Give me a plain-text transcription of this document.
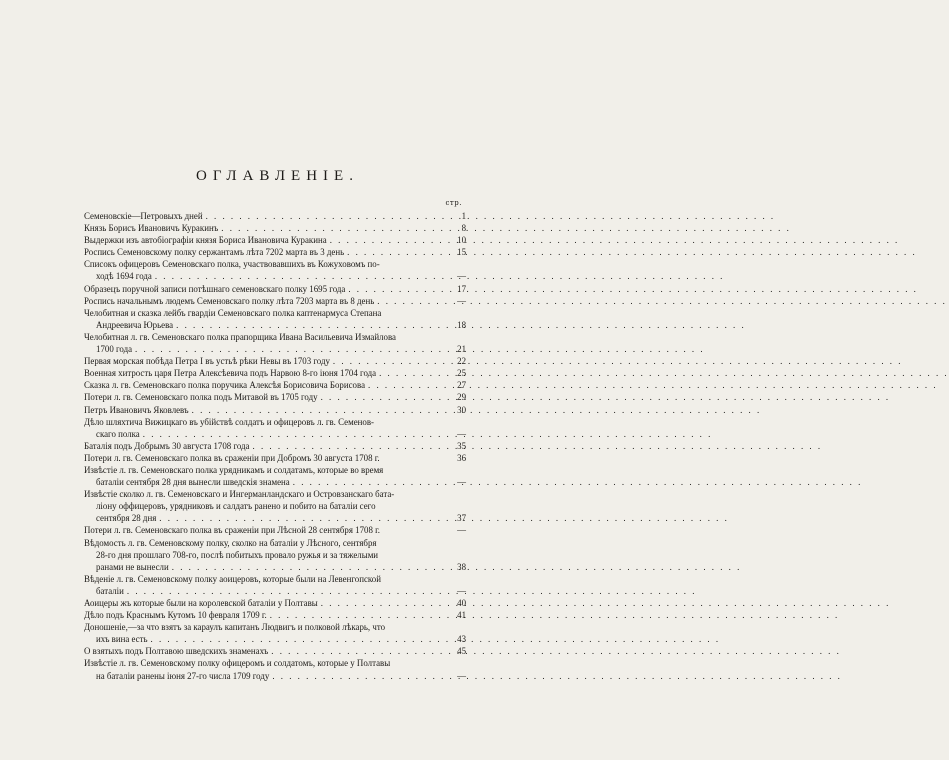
ОГЛАВЛЕНІЕ.
стр.
Семеновскіе—Петровыхъ дней . . .	1
Князь Борисъ Ивановичъ Куракинъ . . .	8
Выдержки изъ автобіографіи князя Бориса Ивановича Куракина . . .	10
Роспись Семеновскому полку сержантамъ лѣта 7202 марта въ 3 день . . .	15
Списокъ офицеровъ Семеновскаго полка, участвовавшихъ въ Кожуховомъ по-
ходѣ 1694 года . . .	—
Образецъ поручной записи потѣшнаго семеновскаго полку 1695 года . . .	17
Роспись начальнымъ людемъ Семеновскаго полку лѣта 7203 марта въ 8 день . . .	—
Челобитная и сказка лейбъ гвардіи Семеновскаго полка каптенармуса Степана
Андреевича Юрьева . . .	18
Челобитная л. гв. Семеновскаго полка прапорщика Ивана Васильевича Измайлова
1700 года . . .	21
Первая морская побѣда Петра I въ устьѣ рѣки Невы въ 1703 году . . .	22
Военная хитрость царя Петра Алексѣевича подъ Нарвою 8-го іюня 1704 года . . .	25
Сказка л. гв. Семеновскаго полка поручика Алексѣя Борисовича Борисова . . .	27
Потери л. гв. Семеновскаго полка подъ Митавой въ 1705 году . . .	29
Петръ Ивановичъ Яковлевъ . . .	30
Дѣло шляхтича Вижицкаго въ убійствѣ солдатъ и офицеровъ л. гв. Семенов-
скаго полка . . .	—
Баталія подъ Добрымъ 30 августа 1708 года . . .	35
Потери л. гв. Семеновскаго полка въ сраженіи при Добромъ 30 августа 1708 г.	36
Извѣстіе л. гв. Семеновскаго полка урядникамъ и солдатамъ, которые во время
баталіи сентября 28 дня вынесли шведскія знамена . . .	—
Извѣстіе сколко л. гв. Семеновскаго и Ингерманландскаго и Островзанскаго бата-
ліону оффицеровъ, урядниковъ и салдатъ ранено и побито на баталіи сего
сентября 28 дня . . .	37
Потери л. гв. Семеновскаго полка въ сраженіи при Лѣсной 28 сентября 1708 г.	—
Вѣдомость л. гв. Семеновскому полку, сколко на баталіи у Лѣсного, сентября
28-го дня прошлаго 708-го, послѣ побитыхъ провало ружья и за тяжелыми
ранами не вынесли . . .	38
Вѣденіе л. гв. Семеновскому полку аоицеровъ, которые были на Левенгопской
баталіи . . .	—
Аоицеры жъ которые были на королевской баталіи у Полтавы . . .	40
Дѣло подъ Краснымъ Кутомъ 10 февраля 1709 г. . . .	41
Доношеніе,—за что взятъ за караулъ капитанъ Людвигъ и полковой лѣкарь, что
ихъ вина есть . . .	43
О взятыхъ подъ Полтавою шведскихъ знаменахъ . . .	45
Извѣстіе л. гв. Семеновскому полку офицеромъ и солдатомъ, которые у Полтавы
на баталіи ранены іюня 27-го числа 1709 году . . .	—
